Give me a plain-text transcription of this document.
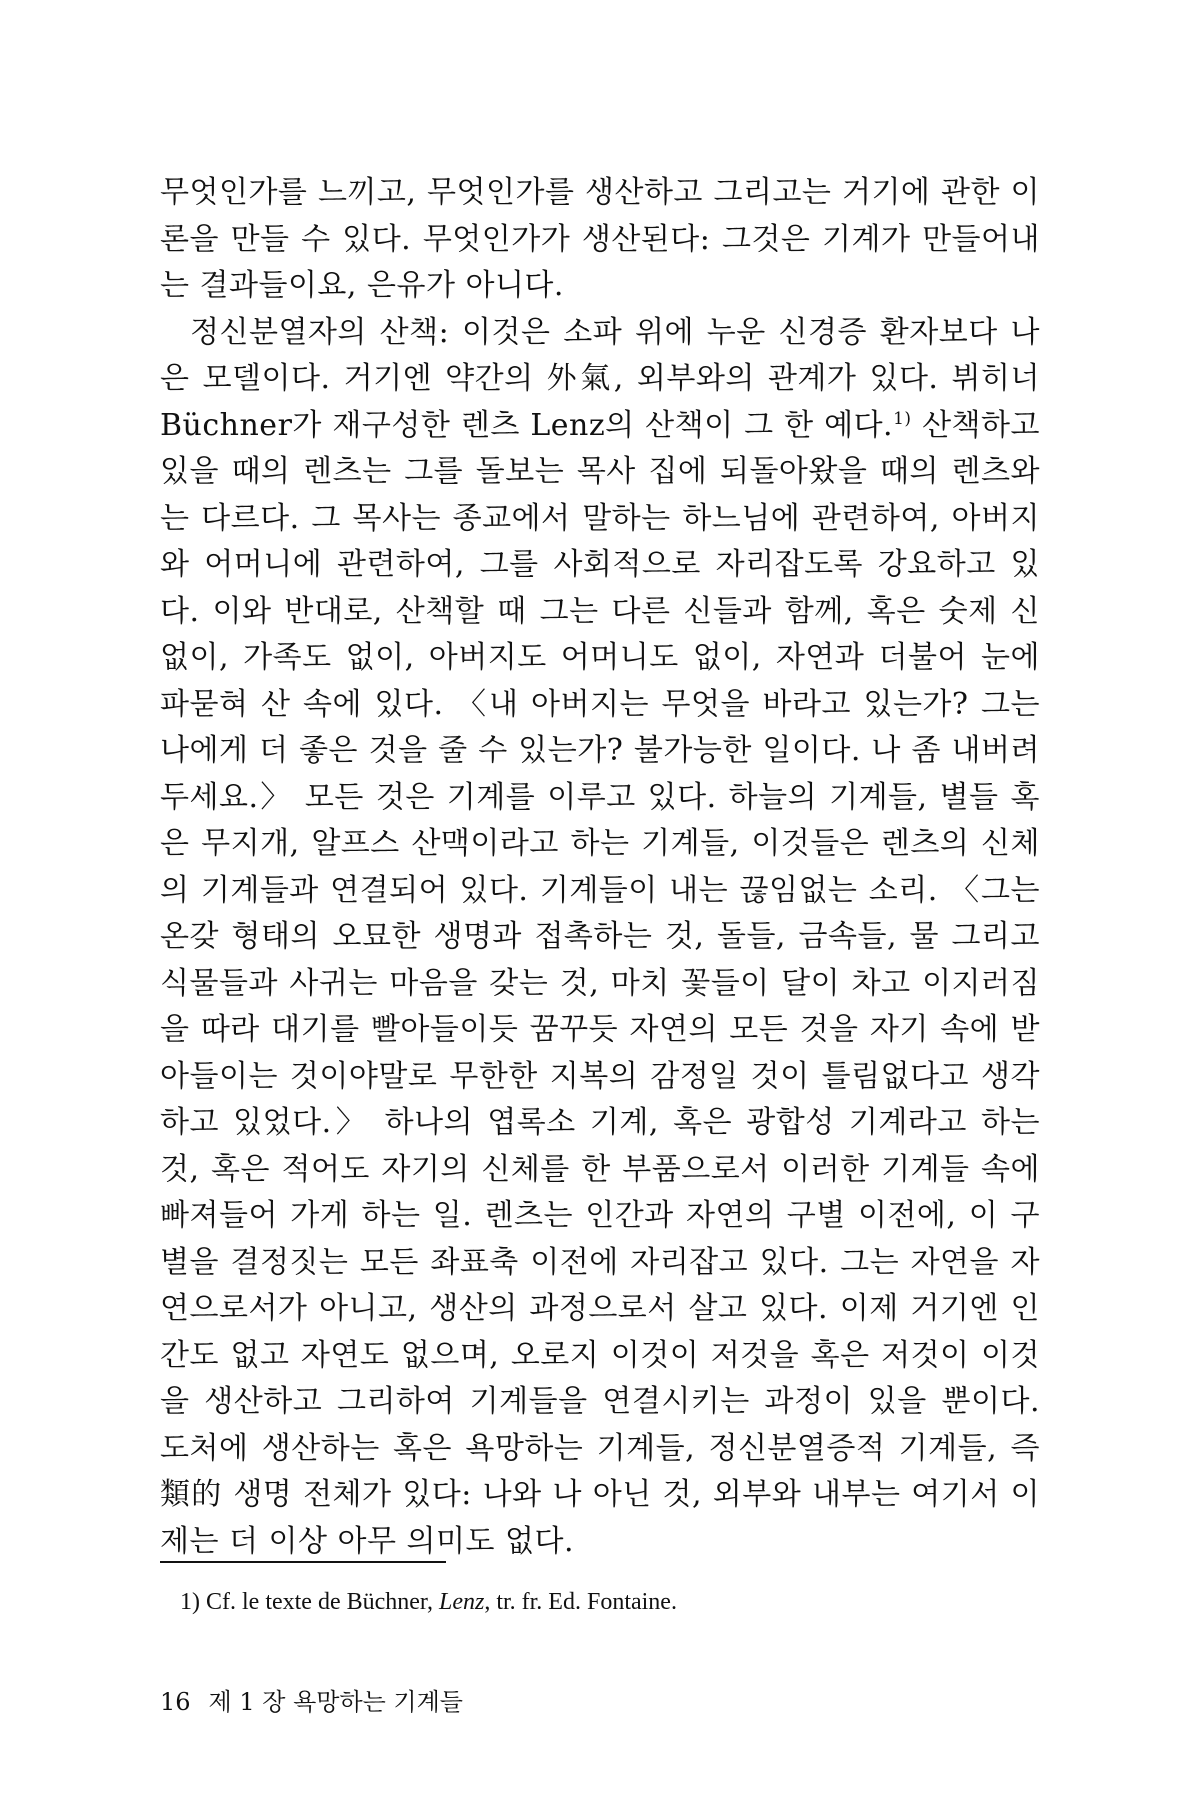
무엇인가를 느끼고, 무엇인가를 생산하고 그리고는 거기에 관한 이론을 만들 수 있다. 무엇인가가 생산된다: 그것은 기계가 만들어내는 결과들이요, 은유가 아니다.

정신분열자의 산책: 이것은 소파 위에 누운 신경증 환자보다 나은 모델이다. 거기엔 약간의 外氣, 외부와의 관계가 있다. 뷔히너 Büchner가 재구성한 렌츠 Lenz의 산책이 그 한 예다.$^{1)}$ 산책하고 있을 때의 렌츠는 그를 돌보는 목사 집에 되돌아왔을 때의 렌츠와는 다르다. 그 목사는 종교에서 말하는 하느님에 관련하여, 아버지와 어머니에 관련하여, 그를 사회적으로 자리잡도록 강요하고 있다. 이와 반대로, 산책할 때 그는 다른 신들과 함께, 혹은 숫제 신 없이, 가족도 없이, 아버지도 어머니도 없이, 자연과 더불어 눈에 파묻혀 산 속에 있다. 〈내 아버지는 무엇을 바라고 있는가? 그는 나에게 더 좋은 것을 줄 수 있는가? 불가능한 일이다. 나 좀 내버려두세요.〉 모든 것은 기계를 이루고 있다. 하늘의 기계들, 별들 혹은 무지개, 알프스 산맥이라고 하는 기계들, 이것들은 렌츠의 신체의 기계들과 연결되어 있다. 기계들이 내는 끊임없는 소리. 〈그는 온갖 형태의 오묘한 생명과 접촉하는 것, 돌들, 금속들, 물 그리고 식물들과 사귀는 마음을 갖는 것, 마치 꽃들이 달이 차고 이지러짐을 따라 대기를 빨아들이듯 꿈꾸듯 자연의 모든 것을 자기 속에 받아들이는 것이야말로 무한한 지복의 감정일 것이 틀림없다고 생각하고 있었다.〉 하나의 엽록소 기계, 혹은 광합성 기계라고 하는 것, 혹은 적어도 자기의 신체를 한 부품으로서 이러한 기계들 속에 빠져들어 가게 하는 일. 렌츠는 인간과 자연의 구별 이전에, 이 구별을 결정짓는 모든 좌표축 이전에 자리잡고 있다. 그는 자연을 자연으로서가 아니고, 생산의 과정으로서 살고 있다. 이제 거기엔 인간도 없고 자연도 없으며, 오로지 이것이 저것을 혹은 저것이 이것을 생산하고 그리하여 기계들을 연결시키는 과정이 있을 뿐이다. 도처에 생산하는 혹은 욕망하는 기계들, 정신분열증적 기계들, 즉 類的 생명 전체가 있다: 나와 나 아닌 것, 외부와 내부는 여기서 이제는 더 이상 아무 의미도 없다.

1) Cf. le texte de Büchner, Lenz, tr. fr. Ed. Fontaine.
16 제 1 장 욕망하는 기계들
